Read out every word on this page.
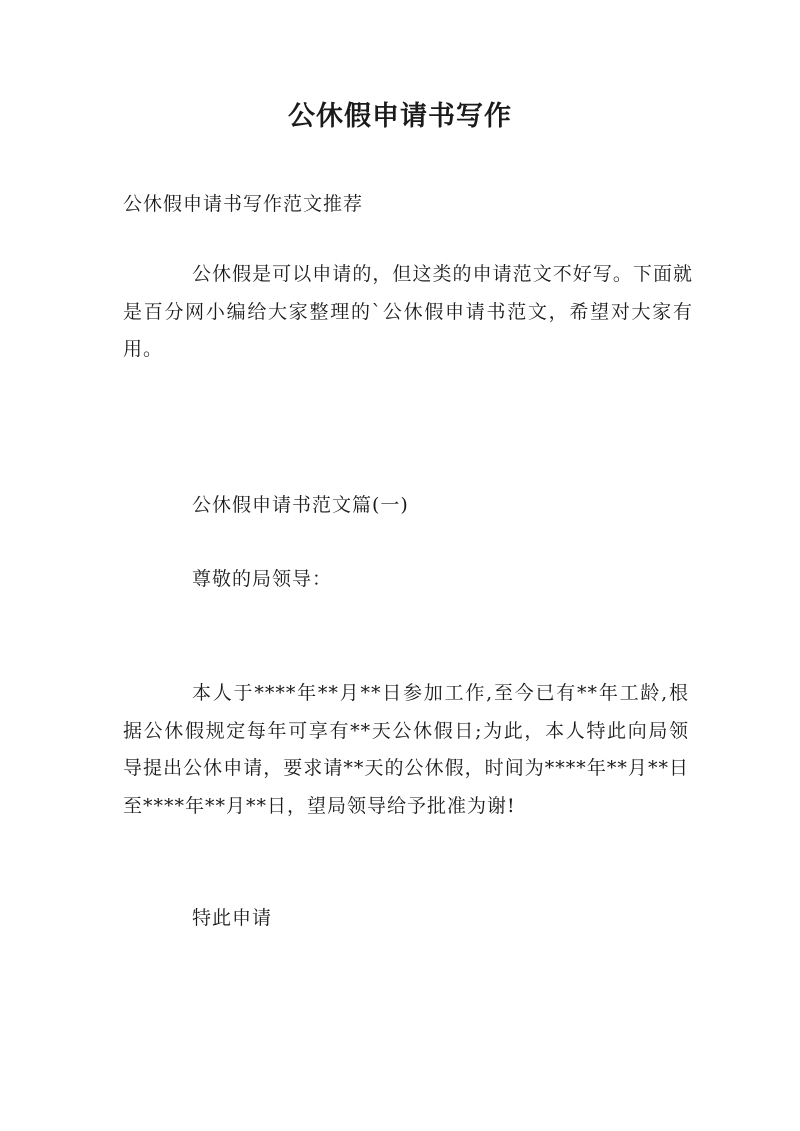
公休假申请书写作
公休假申请书写作范文推荐

公休假是可以申请的，但这类的申请范文不好写。下面就是百分网小编给大家整理的`公休假申请书范文，希望对大家有用。

公休假申请书范文篇(一)

尊敬的局领导：

本人于****年**月**日参加工作,至今已有**年工龄,根据公休假规定每年可享有**天公休假日;为此，本人特此向局领导提出公休申请，要求请**天的公休假，时间为****年**月**日至****年**月**日，望局领导给予批准为谢!

特此申请
